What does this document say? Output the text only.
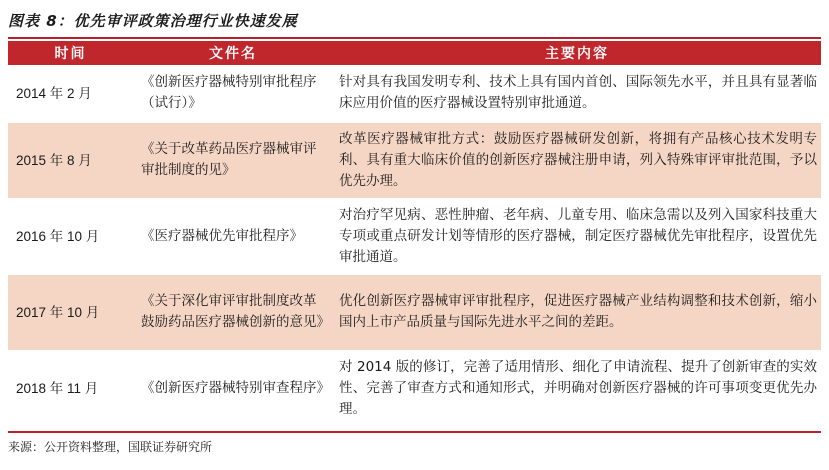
图表 8：优先审评政策治理行业快速发展
时间	文件名	主要内容
2014 年 2 月	《创新医疗器械特别审批程序（试行）》	针对具有我国发明专利、技术上具有国内首创、国际领先水平，并且具有显著临床应用价值的医疗器械设置特别审批通道。
2015 年 8 月	《关于改革药品医疗器械审评审批制度的见》	改革医疗器械审批方式：鼓励医疗器械研发创新，将拥有产品核心技术发明专利、具有重大临床价值的创新医疗器械注册申请，列入特殊审评审批范围，予以优先办理。
2016 年 10 月	《医疗器械优先审批程序》	对治疗罕见病、恶性肿瘤、老年病、儿童专用、临床急需以及列入国家科技重大专项或重点研发计划等情形的医疗器械，制定医疗器械优先审批程序，设置优先审批通道。
2017 年 10 月	《关于深化审评审批制度改革鼓励药品医疗器械创新的意见》	优化创新医疗器械审评审批程序，促进医疗器械产业结构调整和技术创新，缩小国内上市产品质量与国际先进水平之间的差距。
2018 年 11 月	《创新医疗器械特别审查程序》	对 2014 版的修订，完善了适用情形、细化了申请流程、提升了创新审查的实效性、完善了审查方式和通知形式，并明确对创新医疗器械的许可事项变更优先办理。
来源：公开资料整理，国联证券研究所
